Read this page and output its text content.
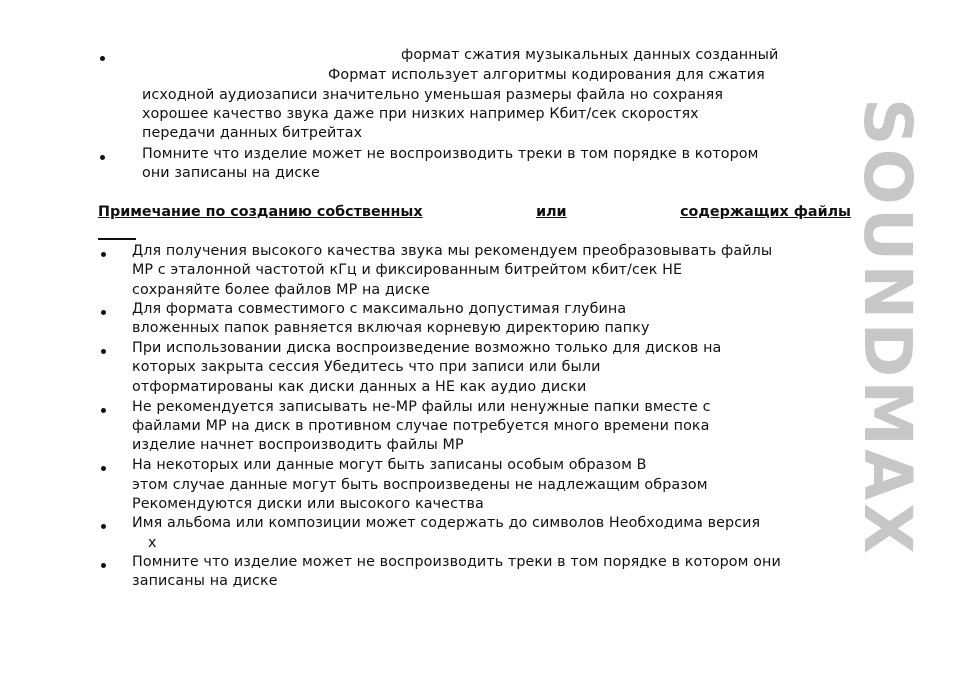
формат сжатия музыкальных данных созданный
Формат использует алгоритмы кодирования для сжатия
исходной аудиозаписи значительно уменьшая размеры файла но сохраняя
хорошее качество звука даже при низких например Кбит/сек скоростях
передачи данных битрейтах
Помните что изделие может не воспроизводить треки в том порядке в котором
они записаны на диске
Примечание по созданию собственных	или	содержащих файлы
Для получения высокого качества звука мы рекомендуем преобразовывать файлы
МР с эталонной частотой кГц и фиксированным битрейтом кбит/сек НЕ
сохраняйте более файлов МР на диске
Для формата совместимого с максимально допустимая глубина
вложенных папок равняется включая корневую директорию папку
При использовании диска воспроизведение возможно только для дисков на
которых закрыта сессия Убедитесь что при записи или были
отформатированы как диски данных а НЕ как аудио диски
Не рекомендуется записывать не-МР файлы или ненужные папки вместе с
файлами МР на диск в противном случае потребуется много времени пока
изделие начнет воспроизводить файлы МР
На некоторых или данные могут быть записаны особым образом В
этом случае данные могут быть воспроизведены не надлежащим образом
Рекомендуются диски или высокого качества
Имя альбома или композиции может содержать до символов Необходима версия
х
Помните что изделие может не воспроизводить треки в том порядке в котором они
записаны на диске
SOUNDMAX
